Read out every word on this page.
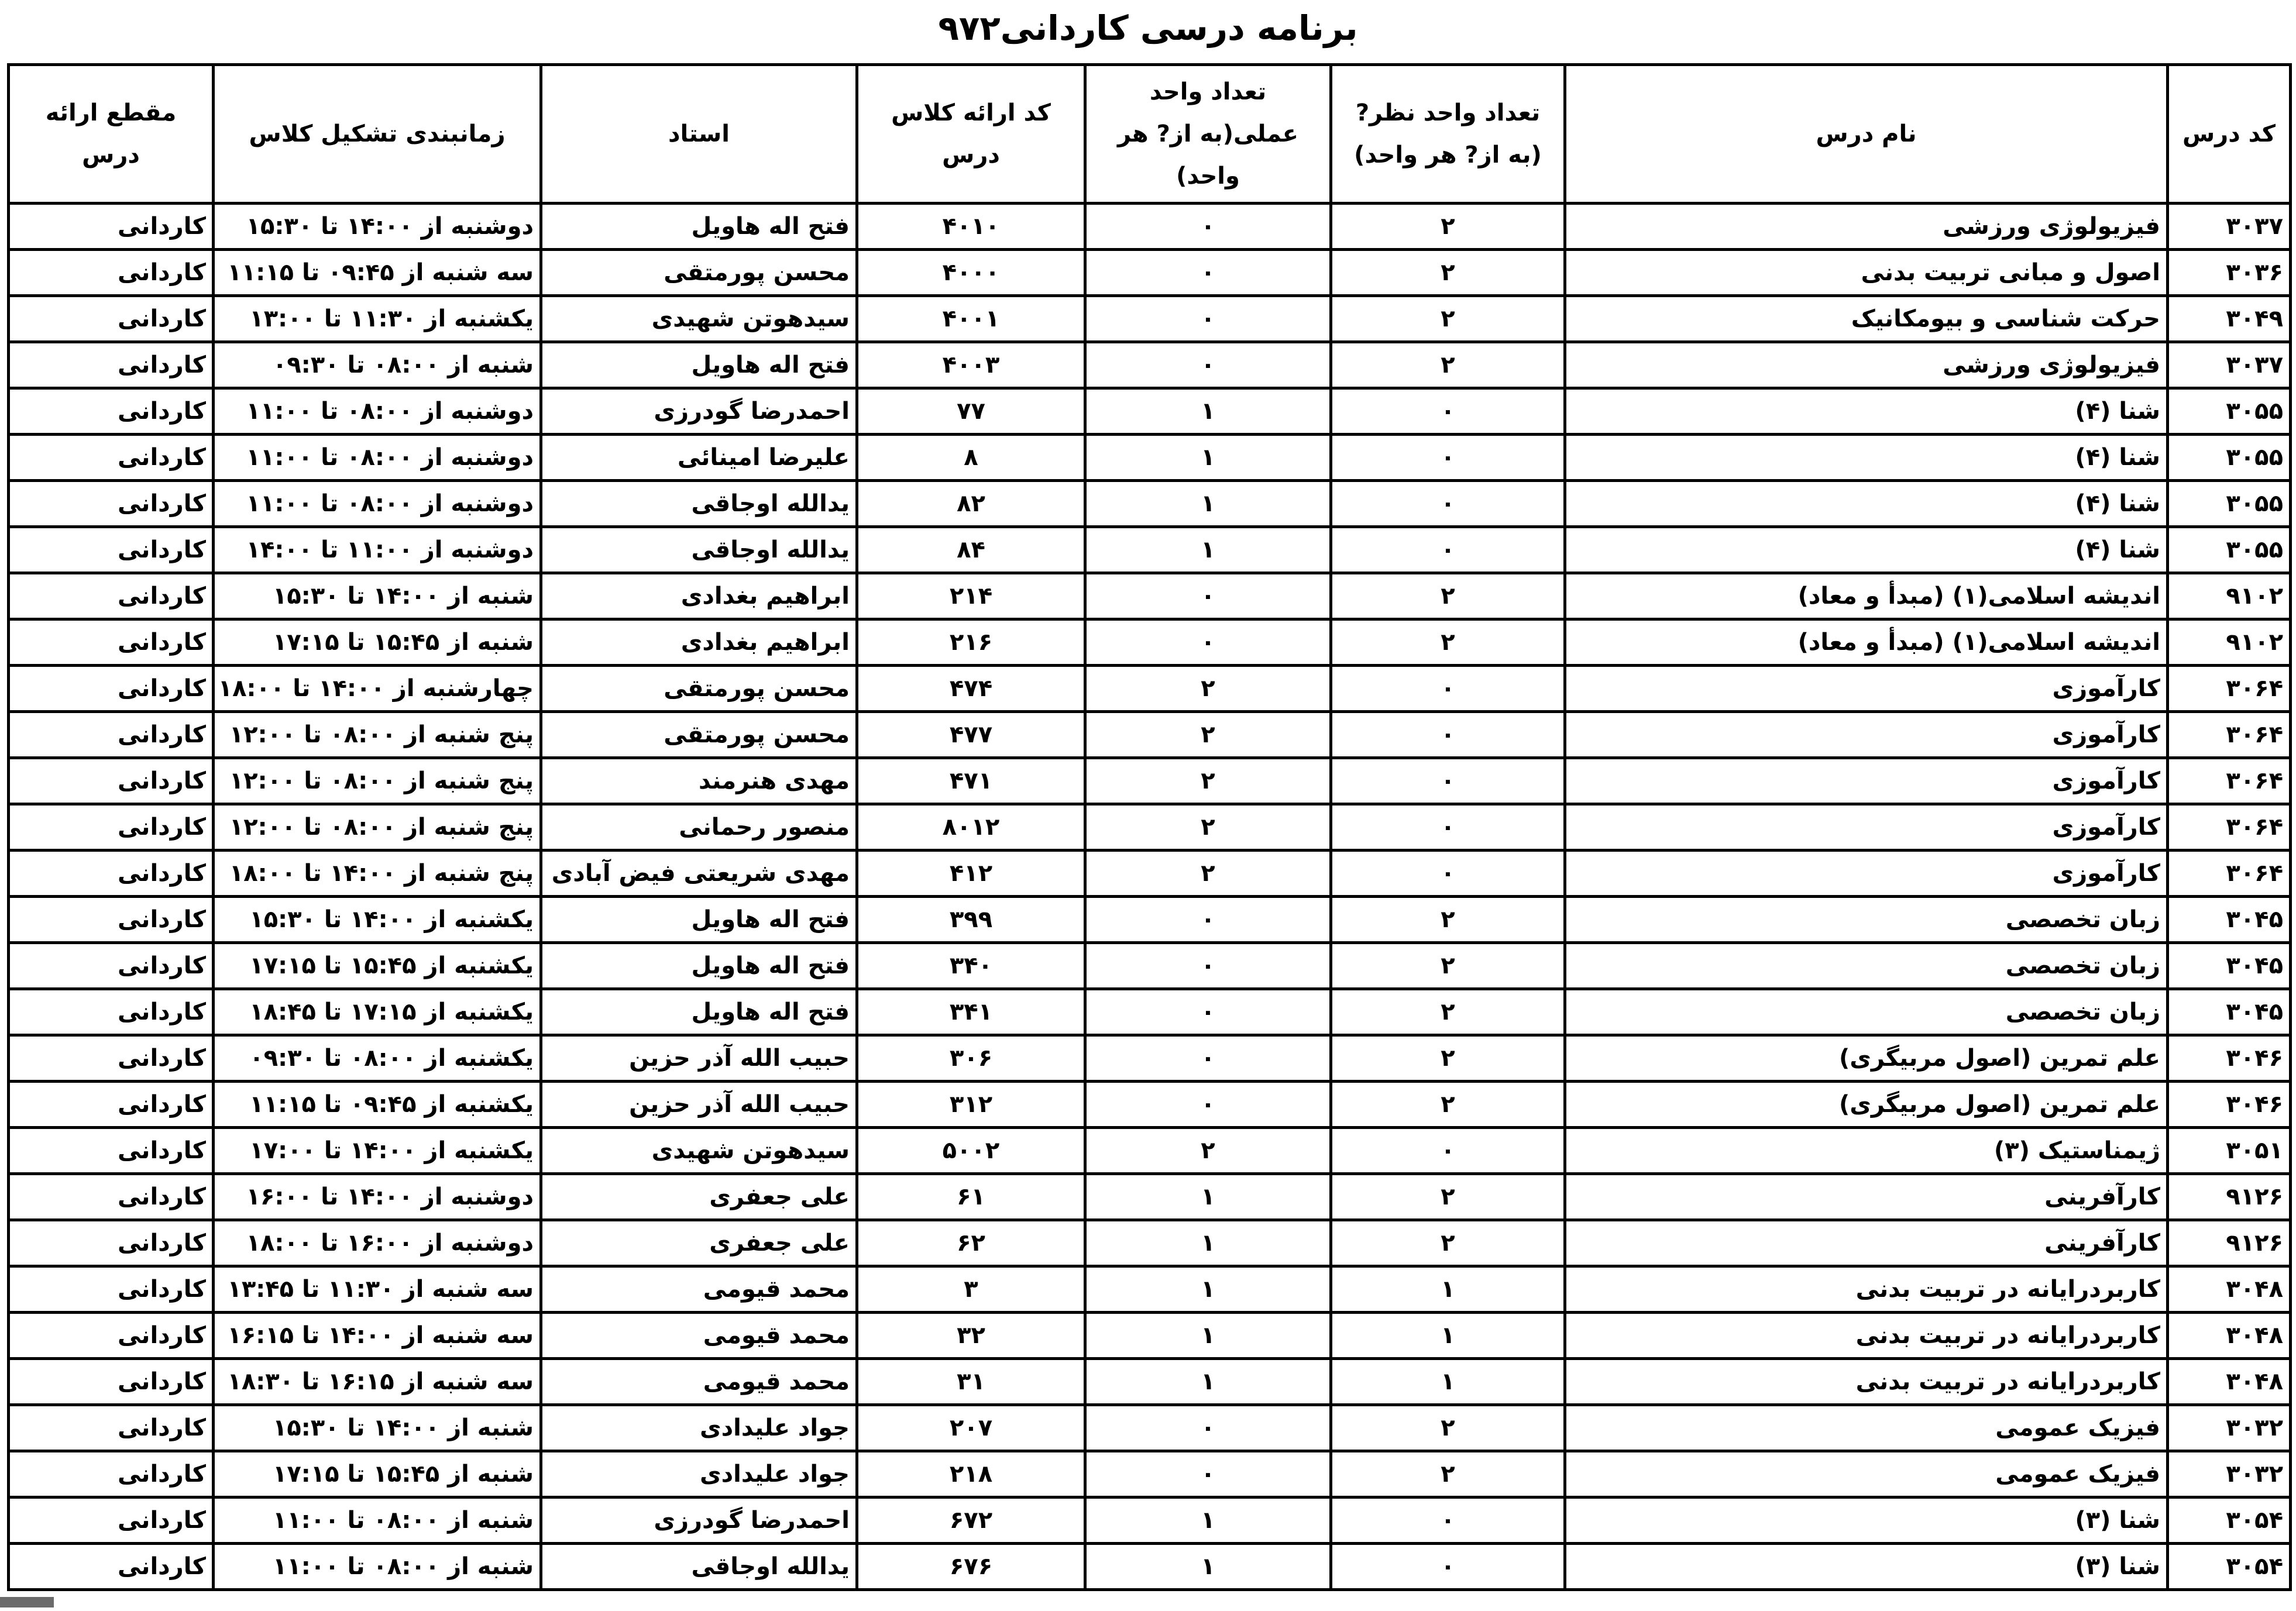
برنامه درسی کاردانی۹۷۲
کد درس	نام درس	تعداد واحد نظر?(به از? هر واحد)	تعداد واحد عملی(به از? هر واحد)	کد ارائه کلاس درس	استاد	زمانبندی تشکیل کلاس	مقطع ارائه درس
۳۰۳۷	فیزیولوژی ورزشی	۲	۰	۴۰۱۰	فتح اله هاویل	دوشنبه از ۱۴:۰۰ تا ۱۵:۳۰	کاردانی
۳۰۳۶	اصول و مبانی تربیت بدنی	۲	۰	۴۰۰۰	محسن پورمتقی	سه شنبه از ۰۹:۴۵ تا ۱۱:۱۵	کاردانی
۳۰۴۹	حرکت شناسی و بیومکانیک	۲	۰	۴۰۰۱	سیدهوتن شهیدی	یکشنبه از ۱۱:۳۰ تا ۱۳:۰۰	کاردانی
۳۰۳۷	فیزیولوژی ورزشی	۲	۰	۴۰۰۳	فتح اله هاویل	شنبه از ۰۸:۰۰ تا ۰۹:۳۰	کاردانی
۳۰۵۵	شنا (۴)	۰	۱	۷۷	احمدرضا گودرزی	دوشنبه از ۰۸:۰۰ تا ۱۱:۰۰	کاردانی
۳۰۵۵	شنا (۴)	۰	۱	۸	علیرضا امینائی	دوشنبه از ۰۸:۰۰ تا ۱۱:۰۰	کاردانی
۳۰۵۵	شنا (۴)	۰	۱	۸۲	یدالله اوجاقی	دوشنبه از ۰۸:۰۰ تا ۱۱:۰۰	کاردانی
۳۰۵۵	شنا (۴)	۰	۱	۸۴	یدالله اوجاقی	دوشنبه از ۱۱:۰۰ تا ۱۴:۰۰	کاردانی
۹۱۰۲	اندیشه اسلامی(۱) (مبدأ و معاد)	۲	۰	۲۱۴	ابراهیم بغدادی	شنبه از ۱۴:۰۰ تا ۱۵:۳۰	کاردانی
۹۱۰۲	اندیشه اسلامی(۱) (مبدأ و معاد)	۲	۰	۲۱۶	ابراهیم بغدادی	شنبه از ۱۵:۴۵ تا ۱۷:۱۵	کاردانی
۳۰۶۴	کارآموزی	۰	۲	۴۷۴	محسن پورمتقی	چهارشنبه از ۱۴:۰۰ تا ۱۸:۰۰	کاردانی
۳۰۶۴	کارآموزی	۰	۲	۴۷۷	محسن پورمتقی	پنج شنبه از ۰۸:۰۰ تا ۱۲:۰۰	کاردانی
۳۰۶۴	کارآموزی	۰	۲	۴۷۱	مهدی هنرمند	پنج شنبه از ۰۸:۰۰ تا ۱۲:۰۰	کاردانی
۳۰۶۴	کارآموزی	۰	۲	۸۰۱۲	منصور رحمانی	پنج شنبه از ۰۸:۰۰ تا ۱۲:۰۰	کاردانی
۳۰۶۴	کارآموزی	۰	۲	۴۱۲	مهدی شریعتی فیض آبادی	پنج شنبه از ۱۴:۰۰ تا ۱۸:۰۰	کاردانی
۳۰۴۵	زبان تخصصی	۲	۰	۳۹۹	فتح اله هاویل	یکشنبه از ۱۴:۰۰ تا ۱۵:۳۰	کاردانی
۳۰۴۵	زبان تخصصی	۲	۰	۳۴۰	فتح اله هاویل	یکشنبه از ۱۵:۴۵ تا ۱۷:۱۵	کاردانی
۳۰۴۵	زبان تخصصی	۲	۰	۳۴۱	فتح اله هاویل	یکشنبه از ۱۷:۱۵ تا ۱۸:۴۵	کاردانی
۳۰۴۶	علم تمرین (اصول مربیگری)	۲	۰	۳۰۶	حبیب الله آذر حزین	یکشنبه از ۰۸:۰۰ تا ۰۹:۳۰	کاردانی
۳۰۴۶	علم تمرین (اصول مربیگری)	۲	۰	۳۱۲	حبیب الله آذر حزین	یکشنبه از ۰۹:۴۵ تا ۱۱:۱۵	کاردانی
۳۰۵۱	ژیمناستیک (۳)	۰	۲	۵۰۰۲	سیدهوتن شهیدی	یکشنبه از ۱۴:۰۰ تا ۱۷:۰۰	کاردانی
۹۱۲۶	کارآفرینی	۲	۱	۶۱	علی جعفری	دوشنبه از ۱۴:۰۰ تا ۱۶:۰۰	کاردانی
۹۱۲۶	کارآفرینی	۲	۱	۶۲	علی جعفری	دوشنبه از ۱۶:۰۰ تا ۱۸:۰۰	کاردانی
۳۰۴۸	کاربردرایانه در تربیت بدنی	۱	۱	۳	محمد قیومی	سه شنبه از ۱۱:۳۰ تا ۱۳:۴۵	کاردانی
۳۰۴۸	کاربردرایانه در تربیت بدنی	۱	۱	۳۲	محمد قیومی	سه شنبه از ۱۴:۰۰ تا ۱۶:۱۵	کاردانی
۳۰۴۸	کاربردرایانه در تربیت بدنی	۱	۱	۳۱	محمد قیومی	سه شنبه از ۱۶:۱۵ تا ۱۸:۳۰	کاردانی
۳۰۳۲	فیزیک عمومی	۲	۰	۲۰۷	جواد علیدادی	شنبه از ۱۴:۰۰ تا ۱۵:۳۰	کاردانی
۳۰۳۲	فیزیک عمومی	۲	۰	۲۱۸	جواد علیدادی	شنبه از ۱۵:۴۵ تا ۱۷:۱۵	کاردانی
۳۰۵۴	شنا (۳)	۰	۱	۶۷۲	احمدرضا گودرزی	شنبه از ۰۸:۰۰ تا ۱۱:۰۰	کاردانی
۳۰۵۴	شنا (۳)	۰	۱	۶۷۶	یدالله اوجاقی	شنبه از ۰۸:۰۰ تا ۱۱:۰۰	کاردانی
